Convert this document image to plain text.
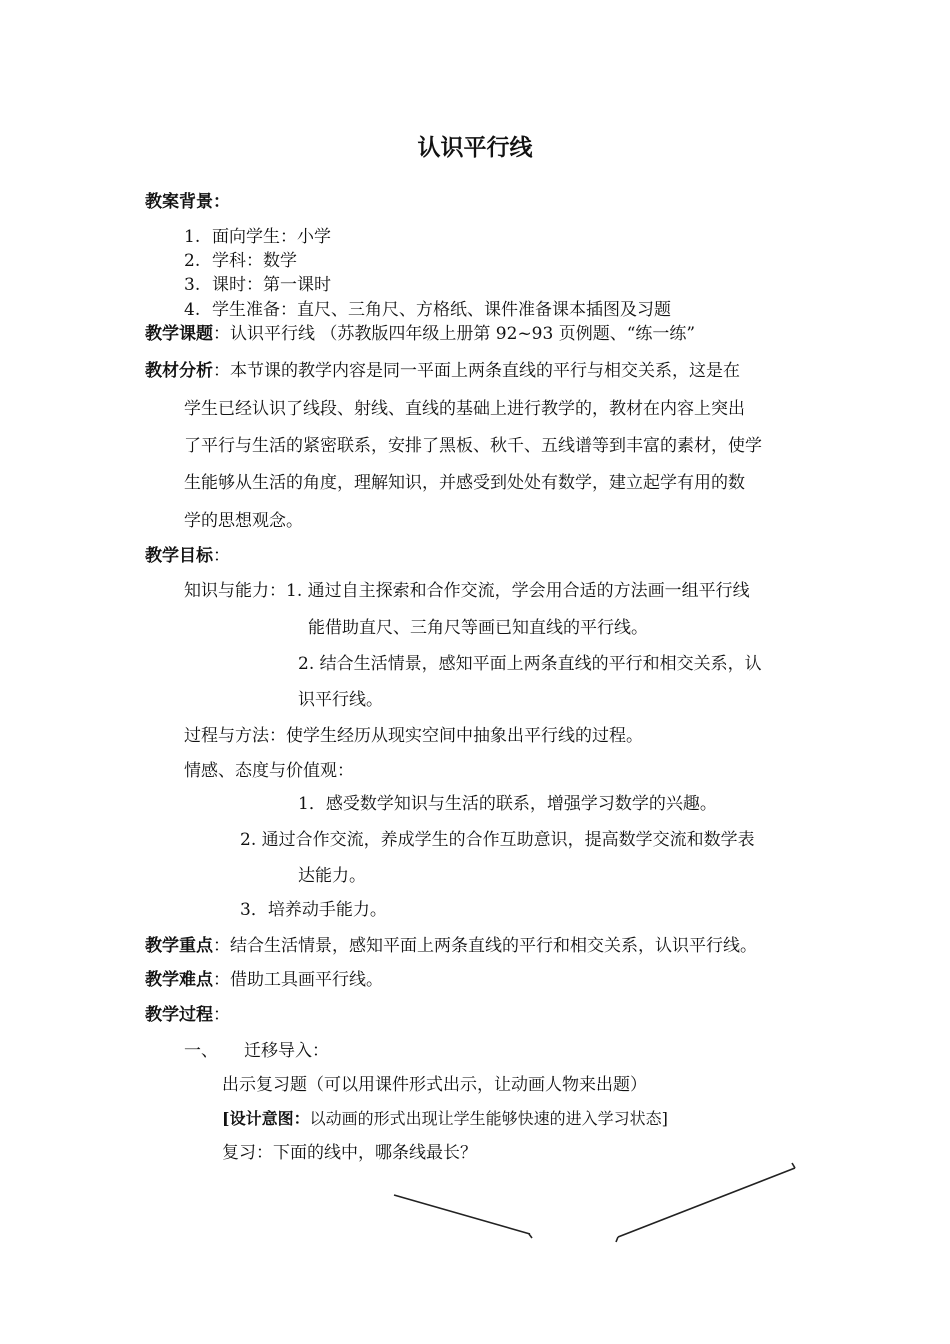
认识平行线
教案背景：
1. 面向学生：小学
2. 学科：数学
3. 课时：第一课时
4. 学生准备：直尺、三角尺、方格纸、课件准备课本插图及习题
教学课题：认识平行线 （苏教版四年级上册第 92~93 页例题、“练一练”
教材分析：本节课的教学内容是同一平面上两条直线的平行与相交关系，这是在
学生已经认识了线段、射线、直线的基础上进行教学的，教材在内容上突出
了平行与生活的紧密联系，安排了黑板、秋千、五线谱等到丰富的素材，使学
生能够从生活的角度，理解知识，并感受到处处有数学，建立起学有用的数
学的思想观念。
教学目标：
知识与能力：1. 通过自主探索和合作交流，学会用合适的方法画一组平行线
能借助直尺、三角尺等画已知直线的平行线。
2. 结合生活情景，感知平面上两条直线的平行和相交关系，认
识平行线。
过程与方法：使学生经历从现实空间中抽象出平行线的过程。
情感、态度与价值观：
1．感受数学知识与生活的联系，增强学习数学的兴趣。
2. 通过合作交流，养成学生的合作互助意识，提高数学交流和数学表
达能力。
3．培养动手能力。
教学重点：结合生活情景，感知平面上两条直线的平行和相交关系，认识平行线。
教学难点：借助工具画平行线。
教学过程：
一、 迁移导入：
出示复习题（可以用课件形式出示，让动画人物来出题）
[设计意图：以动画的形式出现让学生能够快速的进入学习状态]
复习：下面的线中，哪条线最长？
